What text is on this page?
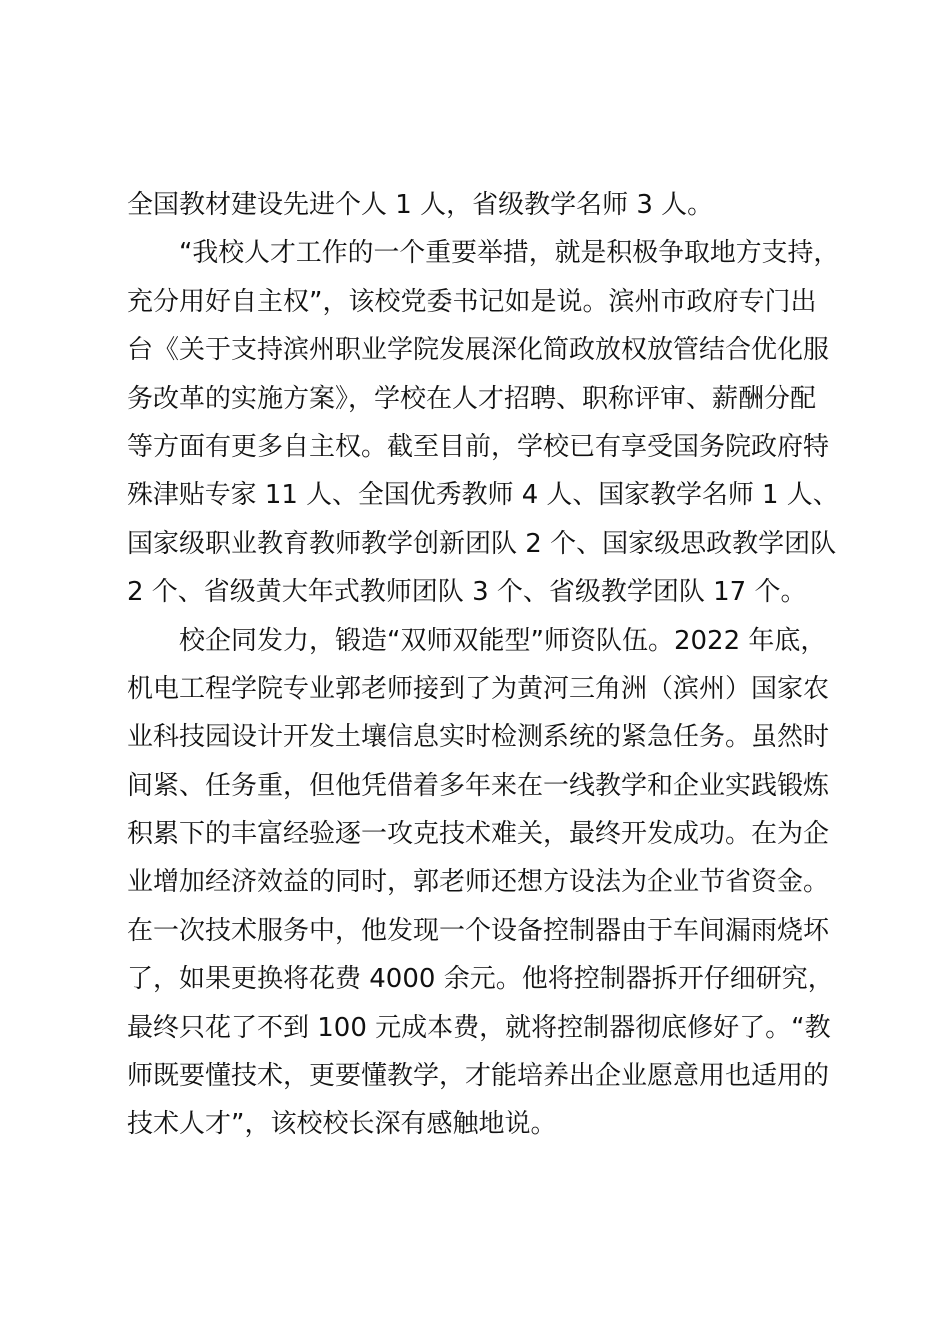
全国教材建设先进个人 1 人，省级教学名师 3 人。
“我校人才工作的一个重要举措，就是积极争取地方支持，
充分用好自主权”，该校党委书记如是说。滨州市政府专门出
台《关于支持滨州职业学院发展深化简政放权放管结合优化服
务改革的实施方案》，学校在人才招聘、职称评审、薪酬分配
等方面有更多自主权。截至目前，学校已有享受国务院政府特
殊津贴专家 11 人、全国优秀教师 4 人、国家教学名师 1 人、
国家级职业教育教师教学创新团队 2 个、国家级思政教学团队
2 个、省级黄大年式教师团队 3 个、省级教学团队 17 个。
校企同发力，锻造“双师双能型”师资队伍。2022 年底，
机电工程学院专业郭老师接到了为黄河三角洲（滨州）国家农
业科技园设计开发土壤信息实时检测系统的紧急任务。虽然时
间紧、任务重，但他凭借着多年来在一线教学和企业实践锻炼
积累下的丰富经验逐一攻克技术难关，最终开发成功。在为企
业增加经济效益的同时，郭老师还想方设法为企业节省资金。
在一次技术服务中，他发现一个设备控制器由于车间漏雨烧坏
了，如果更换将花费 4000 余元。他将控制器拆开仔细研究，
最终只花了不到 100 元成本费，就将控制器彻底修好了。“教
师既要懂技术，更要懂教学，才能培养出企业愿意用也适用的
技术人才”，该校校长深有感触地说。
